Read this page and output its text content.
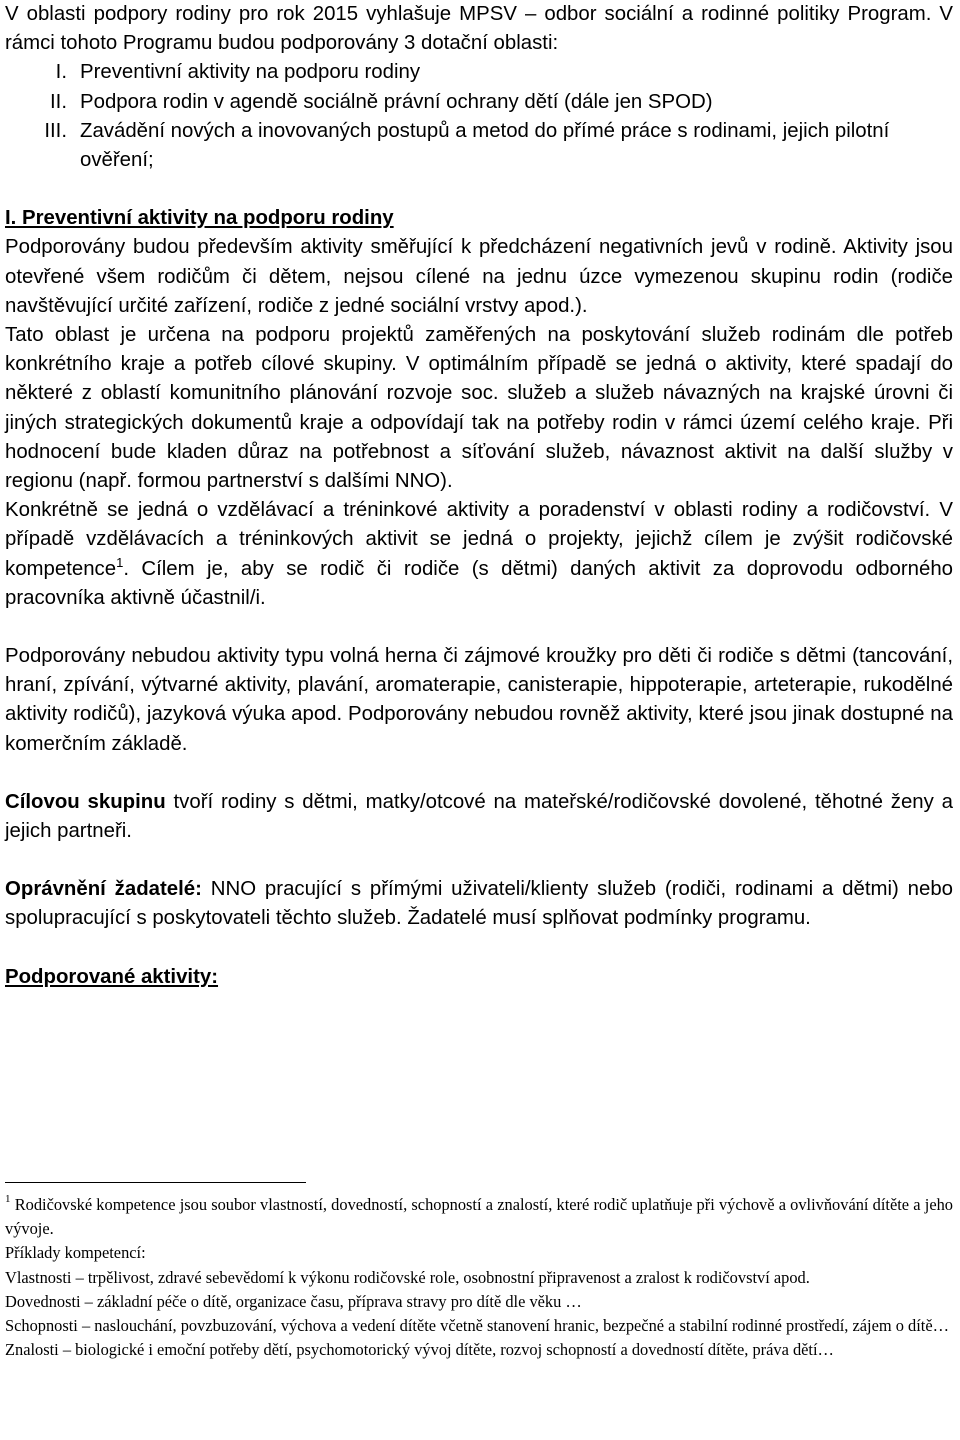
V oblasti podpory rodiny pro rok 2015 vyhlašuje MPSV – odbor sociální a rodinné politiky Program. V rámci tohoto Programu budou podporovány 3 dotační oblasti:

I. Preventivní aktivity na podporu rodiny
II. Podpora rodin v agendě sociálně právní ochrany dětí (dále jen SPOD)
III. Zavádění nových a inovovaných postupů a metod do přímé práce s rodinami, jejich pilotní ověření;

I. Preventivní aktivity na podporu rodiny

Podporovány budou především aktivity směřující k předcházení negativních jevů v rodině. Aktivity jsou otevřené všem rodičům či dětem, nejsou cílené na jednu úzce vymezenou skupinu rodin (rodiče navštěvující určité zařízení, rodiče z jedné sociální vrstvy apod.).

Tato oblast je určena na podporu projektů zaměřených na poskytování služeb rodinám dle potřeb konkrétního kraje a potřeb cílové skupiny. V optimálním případě se jedná o aktivity, které spadají do některé z oblastí komunitního plánování rozvoje soc. služeb a služeb návazných na krajské úrovni či jiných strategických dokumentů kraje a odpovídají tak na potřeby rodin v rámci území celého kraje. Při hodnocení bude kladen důraz na potřebnost a síťování služeb, návaznost aktivit na další služby v regionu (např. formou partnerství s dalšími NNO).

Konkrétně se jedná o vzdělávací a tréninkové aktivity a poradenství v oblasti rodiny a rodičovství. V případě vzdělávacích a tréninkových aktivit se jedná o projekty, jejichž cílem je zvýšit rodičovské kompetence$^1$. Cílem je, aby se rodič či rodiče (s dětmi) daných aktivit za doprovodu odborného pracovníka aktivně účastnil/i.

Podporovány nebudou aktivity typu volná herna či zájmové kroužky pro děti či rodiče s dětmi (tancování, hraní, zpívání, výtvarné aktivity, plavání, aromaterapie, canisterapie, hippoterapie, arteterapie, rukodělné aktivity rodičů), jazyková výuka apod. Podporovány nebudou rovněž aktivity, které jsou jinak dostupné na komerčním základě.

Cílovou skupinu tvoří rodiny s dětmi, matky/otcové na mateřské/rodičovské dovolené, těhotné ženy a jejich partneři.

Oprávnění žadatelé: NNO pracující s přímými uživateli/klienty služeb (rodiči, rodinami a dětmi) nebo spolupracující s poskytovateli těchto služeb. Žadatelé musí splňovat podmínky programu.

Podporované aktivity:

$^1$ Rodičovské kompetence jsou soubor vlastností, dovedností, schopností a znalostí, které rodič uplatňuje při výchově a ovlivňování dítěte a jeho vývoje.

Příklady kompetencí:

Vlastnosti – trpělivost, zdravé sebevědomí k výkonu rodičovské role, osobnostní připravenost a zralost k rodičovství apod.

Dovednosti – základní péče o dítě, organizace času, příprava stravy pro dítě dle věku …

Schopnosti – naslouchání, povzbuzování, výchova a vedení dítěte včetně stanovení hranic, bezpečné a stabilní rodinné prostředí, zájem o dítě…

Znalosti – biologické i emoční potřeby dětí, psychomotorický vývoj dítěte, rozvoj schopností a dovedností dítěte, práva dětí…
